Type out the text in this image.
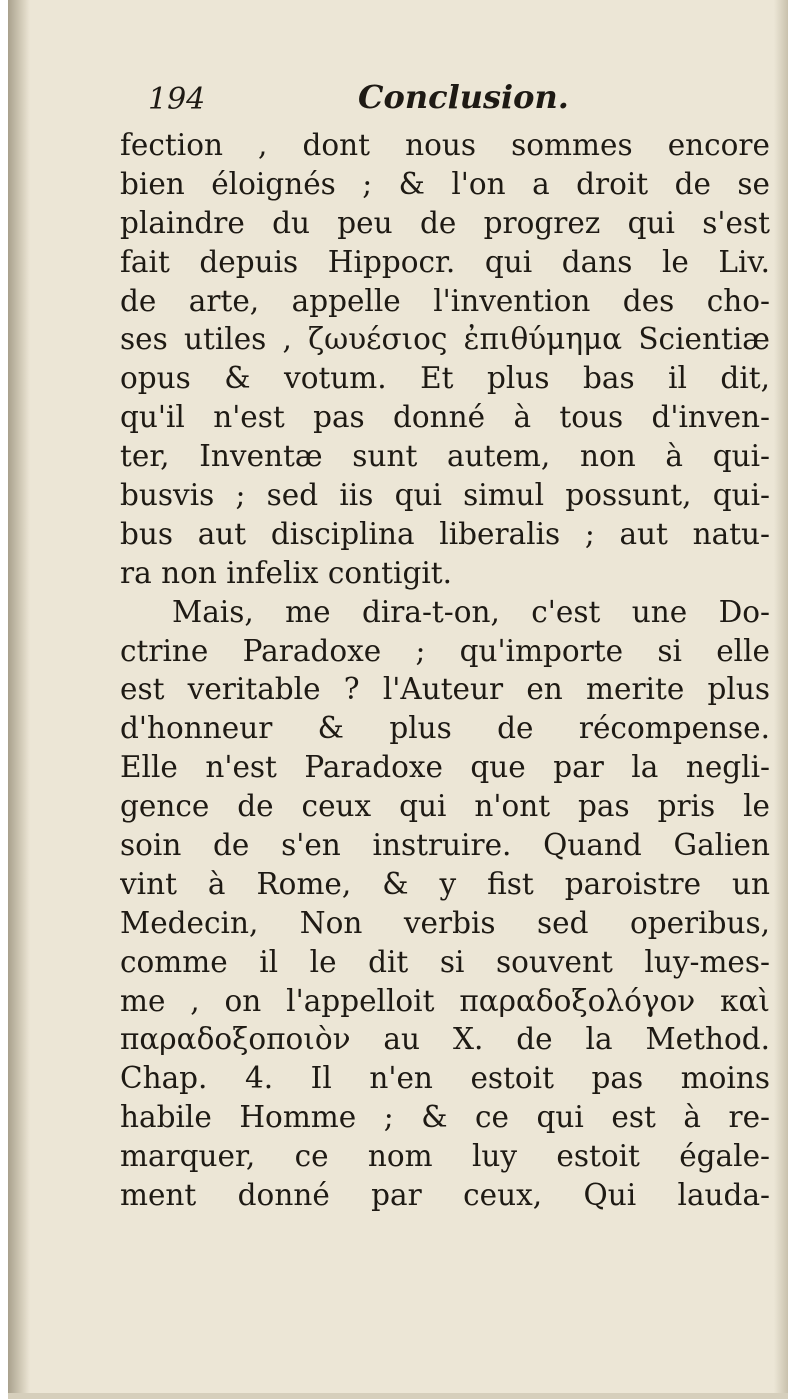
194	Conclusion.
fection , dont nous sommes encore
bien éloignés ; & l'on a droit de se
plaindre du peu de progrez qui s'est
fait depuis Hippocr. qui dans le Liv.
de arte, appelle l'invention des cho-
ses utiles , ζωυέσιος ἐπιθύμημα Scientiæ
opus & votum. Et plus bas il dit,
qu'il n'est pas donné à tous d'inven-
ter, Inventæ sunt autem, non à qui-
busvis ; sed iis qui simul possunt, qui-
bus aut disciplina liberalis ; aut natu-
ra non infelix contigit.
Mais, me dira-t-on, c'est une Do-
ctrine Paradoxe ; qu'importe si elle
est veritable ? l'Auteur en merite plus
d'honneur & plus de récompense.
Elle n'est Paradoxe que par la negli-
gence de ceux qui n'ont pas pris le
soin de s'en instruire. Quand Galien
vint à Rome, & y fist paroistre un
Medecin, Non verbis sed operibus,
comme il le dit si souvent luy-mes-
me , on l'appelloit παραδοξολόγον καὶ
παραδοξοποιὸν au X. de la Method.
Chap. 4. Il n'en estoit pas moins
habile Homme ; & ce qui est à re-
marquer, ce nom luy estoit égale-
ment donné par ceux, Qui lauda-
